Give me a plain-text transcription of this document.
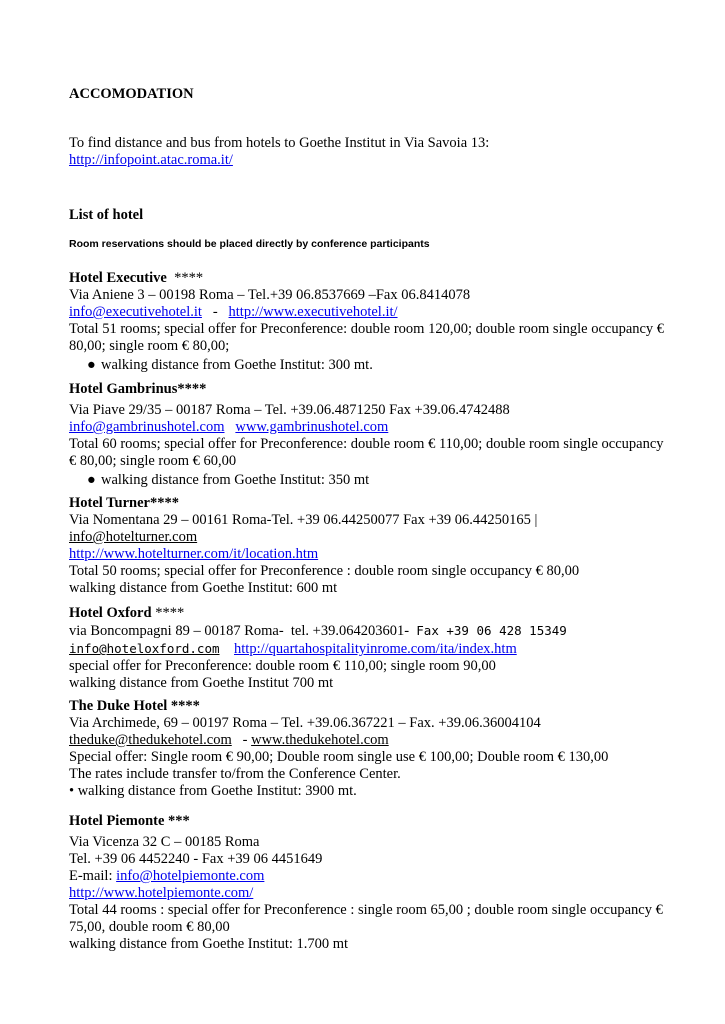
ACCOMODATION
To find distance and bus from hotels to Goethe Institut in Via Savoia 13:
http://infopoint.atac.roma.it/
List of hotel
Room reservations should be placed directly by conference participants
Hotel Executive  ****
Via Aniene 3 – 00198 Roma – Tel.+39 06.8537669 –Fax 06.8414078
info@executivehotel.it   -   http://www.executivehotel.it/
Total 51 rooms; special offer for Preconference: double room 120,00; double room single occupancy € 80,00; single room € 80,00;
● walking distance from Goethe Institut: 300 mt.
Hotel Gambrinus****
Via Piave 29/35 – 00187 Roma – Tel. +39.06.4871250 Fax +39.06.4742488
info@gambrinushotel.com www.gambrinushotel.com
Total 60 rooms; special offer for Preconference: double room € 110,00; double room single occupancy € 80,00; single room € 60,00
● walking distance from Goethe Institut: 350 mt
Hotel Turner****
Via Nomentana 29 – 00161 Roma-Tel. +39 06.44250077 Fax +39 06.44250165 |
info@hotelturner.com
http://www.hotelturner.com/it/location.htm
Total 50 rooms; special offer for Preconference : double room single occupancy € 80,00
walking distance from Goethe Institut: 600 mt
Hotel Oxford ****
via Boncompagni 89 – 00187 Roma-  tel. +39.064203601-  Fax +39 06 428 15349
info@hoteloxford.com http://quartahospitalityinrome.com/ita/index.htm
special offer for Preconference: double room € 110,00; single room 90,00
walking distance from Goethe Institut 700 mt
The Duke Hotel ****
Via Archimede, 69 – 00197 Roma – Tel. +39.06.367221 – Fax. +39.06.36004104
theduke@thedukehotel.com   - www.thedukehotel.com
Special offer: Single room € 90,00; Double room single use € 100,00; Double room € 130,00
The rates include transfer to/from the Conference Center.
• walking distance from Goethe Institut: 3900 mt.
Hotel Piemonte ***
Via Vicenza 32 C – 00185 Roma
Tel. +39 06 4452240 - Fax +39 06 4451649
E-mail: info@hotelpiemonte.com
http://www.hotelpiemonte.com/
Total 44 rooms : special offer for Preconference : single room 65,00 ; double room single occupancy € 75,00, double room € 80,00
walking distance from Goethe Institut: 1.700 mt
